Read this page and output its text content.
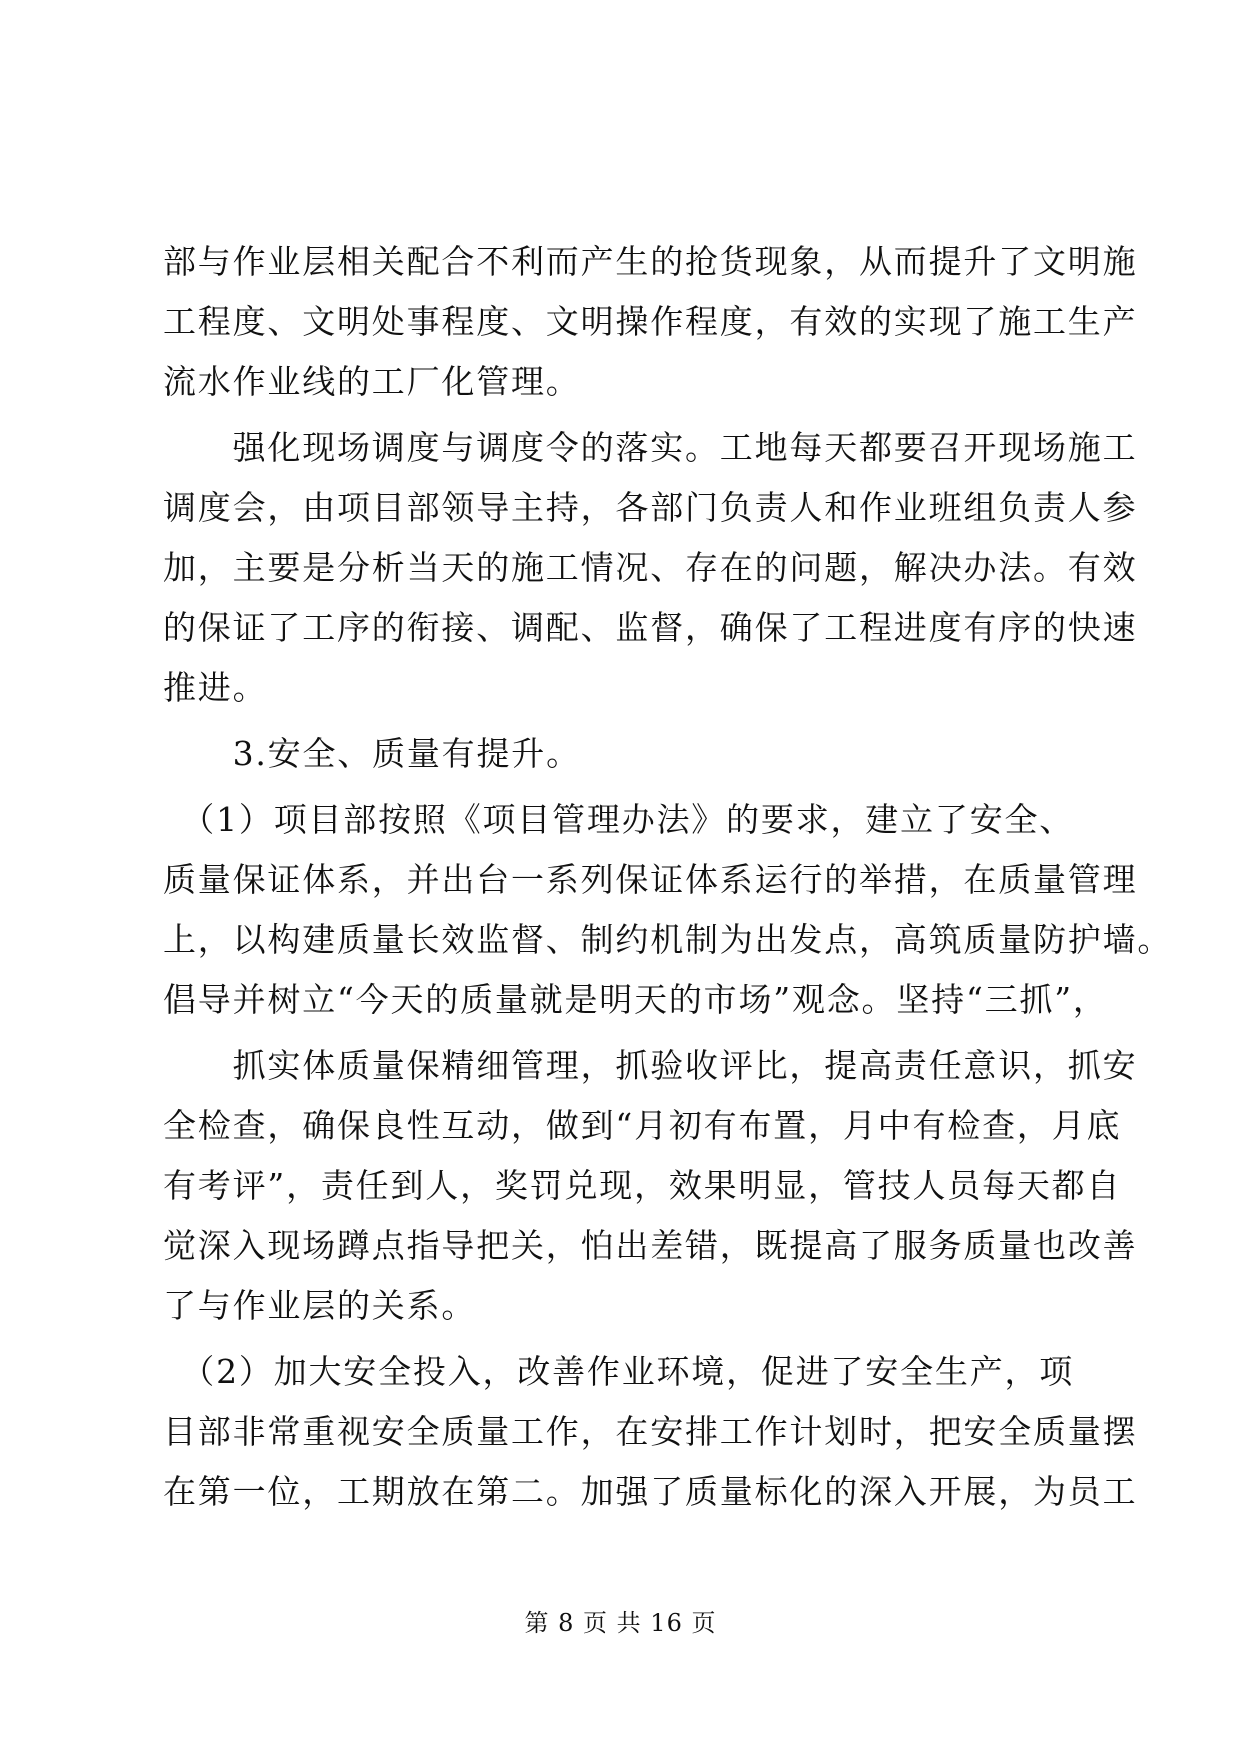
部与作业层相关配合不利而产生的抢货现象，从而提升了文明施
工程度、文明处事程度、文明操作程度，有效的实现了施工生产
流水作业线的工厂化管理。
　　强化现场调度与调度令的落实。工地每天都要召开现场施工
调度会，由项目部领导主持，各部门负责人和作业班组负责人参
加，主要是分析当天的施工情况、存在的问题，解决办法。有效
的保证了工序的衔接、调配、监督，确保了工程进度有序的快速
推进。
　　3.安全、质量有提升。
　（1）项目部按照《项目管理办法》的要求，建立了安全、
质量保证体系，并出台一系列保证体系运行的举措，在质量管理
上，以构建质量长效监督、制约机制为出发点，高筑质量防护墙。
倡导并树立“今天的质量就是明天的市场”观念。坚持“三抓”，
　　抓实体质量保精细管理，抓验收评比，提高责任意识，抓安
全检查，确保良性互动，做到“月初有布置，月中有检查，月底
有考评”，责任到人，奖罚兑现，效果明显，管技人员每天都自
觉深入现场蹲点指导把关，怕出差错，既提高了服务质量也改善
了与作业层的关系。
　（2）加大安全投入，改善作业环境，促进了安全生产，项
目部非常重视安全质量工作，在安排工作计划时，把安全质量摆
在第一位，工期放在第二。加强了质量标化的深入开展，为员工
第 8 页 共 16 页
